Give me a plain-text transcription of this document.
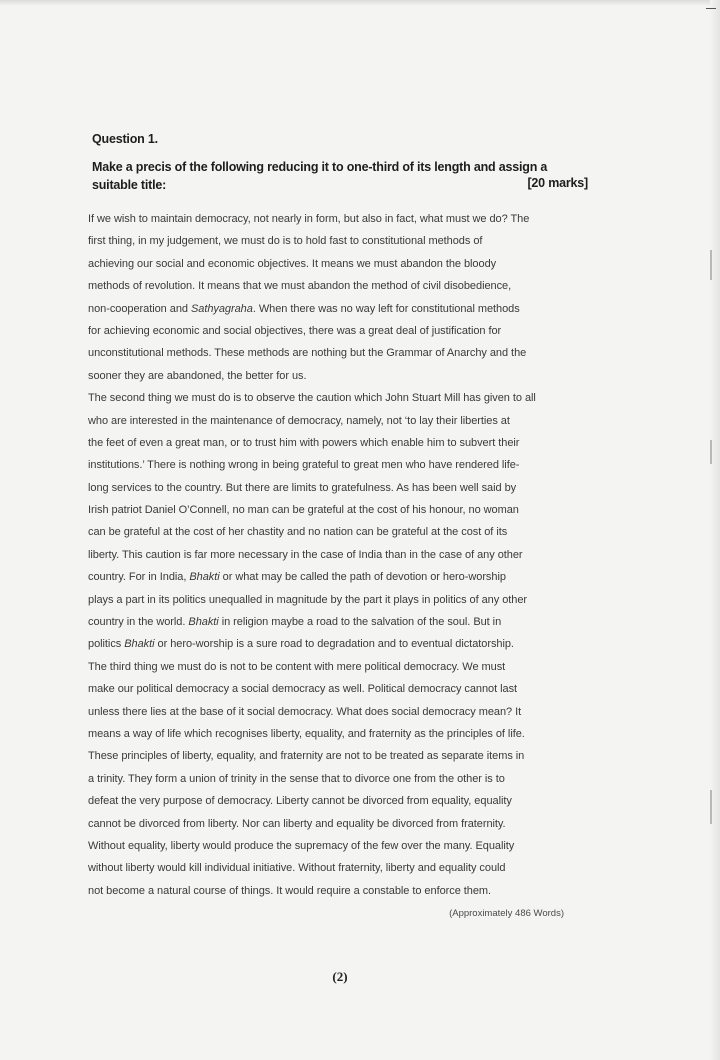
Question 1.
Make a precis of the following reducing it to one-third of its length and assign a suitable title:	[20 marks]
If we wish to maintain democracy, not nearly in form, but also in fact, what must we do? The
first thing, in my judgement, we must do is to hold fast to constitutional methods of
achieving our social and economic objectives. It means we must abandon the bloody
methods of revolution. It means that we must abandon the method of civil disobedience,
non-cooperation and Sathyagraha. When there was no way left for constitutional methods
for achieving economic and social objectives, there was a great deal of justification for
unconstitutional methods. These methods are nothing but the Grammar of Anarchy and the
sooner they are abandoned, the better for us.
The second thing we must do is to observe the caution which John Stuart Mill has given to all
who are interested in the maintenance of democracy, namely, not ‘to lay their liberties at
the feet of even a great man, or to trust him with powers which enable him to subvert their
institutions.’ There is nothing wrong in being grateful to great men who have rendered life-
long services to the country. But there are limits to gratefulness. As has been well said by
Irish patriot Daniel O’Connell, no man can be grateful at the cost of his honour, no woman
can be grateful at the cost of her chastity and no nation can be grateful at the cost of its
liberty. This caution is far more necessary in the case of India than in the case of any other
country. For in India, Bhakti or what may be called the path of devotion or hero-worship
plays a part in its politics unequalled in magnitude by the part it plays in politics of any other
country in the world. Bhakti in religion maybe a road to the salvation of the soul. But in
politics Bhakti or hero-worship is a sure road to degradation and to eventual dictatorship.
The third thing we must do is not to be content with mere political democracy. We must
make our political democracy a social democracy as well. Political democracy cannot last
unless there lies at the base of it social democracy. What does social democracy mean? It
means a way of life which recognises liberty, equality, and fraternity as the principles of life.
These principles of liberty, equality, and fraternity are not to be treated as separate items in
a trinity. They form a union of trinity in the sense that to divorce one from the other is to
defeat the very purpose of democracy. Liberty cannot be divorced from equality, equality
cannot be divorced from liberty. Nor can liberty and equality be divorced from fraternity.
Without equality, liberty would produce the supremacy of the few over the many. Equality
without liberty would kill individual initiative. Without fraternity, liberty and equality could
not become a natural course of things. It would require a constable to enforce them.
(Approximately 486 Words)
(2)
